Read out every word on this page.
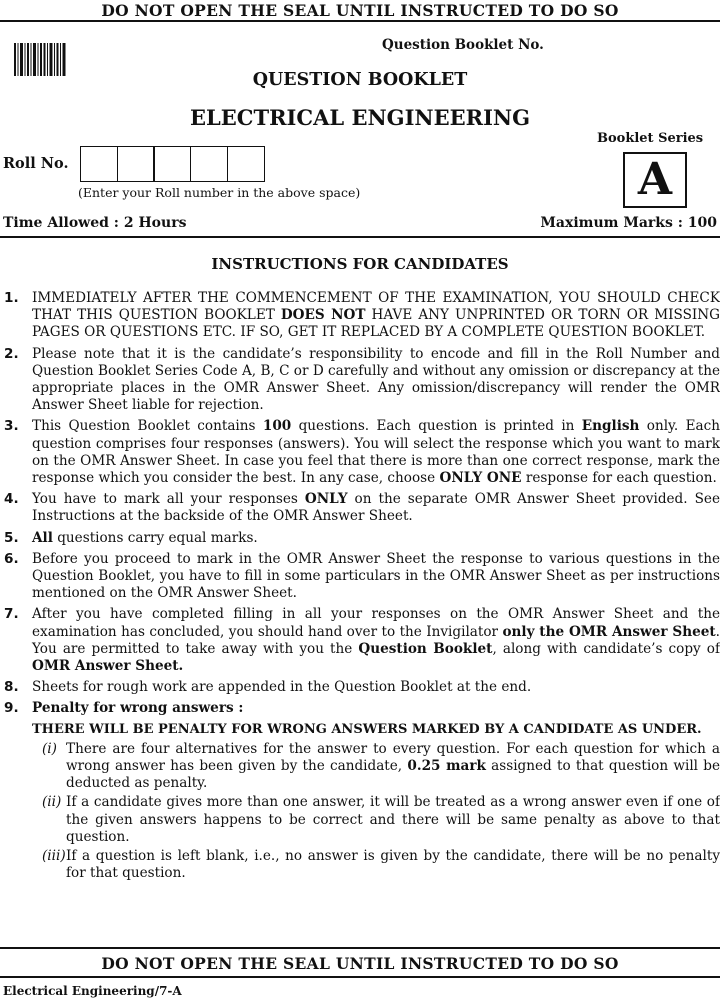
DO NOT OPEN THE SEAL UNTIL INSTRUCTED TO DO SO
Question Booklet No.
QUESTION BOOKLET
ELECTRICAL ENGINEERING
Booklet Series
A
Roll No.
(Enter your Roll number in the above space)
Time Allowed : 2 Hours	Maximum Marks : 100
INSTRUCTIONS FOR CANDIDATES
1. IMMEDIATELY AFTER THE COMMENCEMENT OF THE EXAMINATION, YOU SHOULD CHECK THAT THIS QUESTION BOOKLET DOES NOT HAVE ANY UNPRINTED OR TORN OR MISSING PAGES OR QUESTIONS ETC. IF SO, GET IT REPLACED BY A COMPLETE QUESTION BOOKLET.
2. Please note that it is the candidate’s responsibility to encode and fill in the Roll Number and Question Booklet Series Code A, B, C or D carefully and without any omission or discrepancy at the appropriate places in the OMR Answer Sheet. Any omission/discrepancy will render the OMR Answer Sheet liable for rejection.
3. This Question Booklet contains 100 questions. Each question is printed in English only. Each question comprises four responses (answers). You will select the response which you want to mark on the OMR Answer Sheet. In case you feel that there is more than one correct response, mark the response which you consider the best. In any case, choose ONLY ONE response for each question.
4. You have to mark all your responses ONLY on the separate OMR Answer Sheet provided. See Instructions at the backside of the OMR Answer Sheet.
5. All questions carry equal marks.
6. Before you proceed to mark in the OMR Answer Sheet the response to various questions in the Question Booklet, you have to fill in some particulars in the OMR Answer Sheet as per instructions mentioned on the OMR Answer Sheet.
7. After you have completed filling in all your responses on the OMR Answer Sheet and the examination has concluded, you should hand over to the Invigilator only the OMR Answer Sheet. You are permitted to take away with you the Question Booklet, along with candidate’s copy of OMR Answer Sheet.
8. Sheets for rough work are appended in the Question Booklet at the end.
9. Penalty for wrong answers :
THERE WILL BE PENALTY FOR WRONG ANSWERS MARKED BY A CANDIDATE AS UNDER.
(i) There are four alternatives for the answer to every question. For each question for which a wrong answer has been given by the candidate, 0.25 mark assigned to that question will be deducted as penalty.
(ii) If a candidate gives more than one answer, it will be treated as a wrong answer even if one of the given answers happens to be correct and there will be same penalty as above to that question.
(iii) If a question is left blank, i.e., no answer is given by the candidate, there will be no penalty for that question.
DO NOT OPEN THE SEAL UNTIL INSTRUCTED TO DO SO
Electrical Engineering/7-A
